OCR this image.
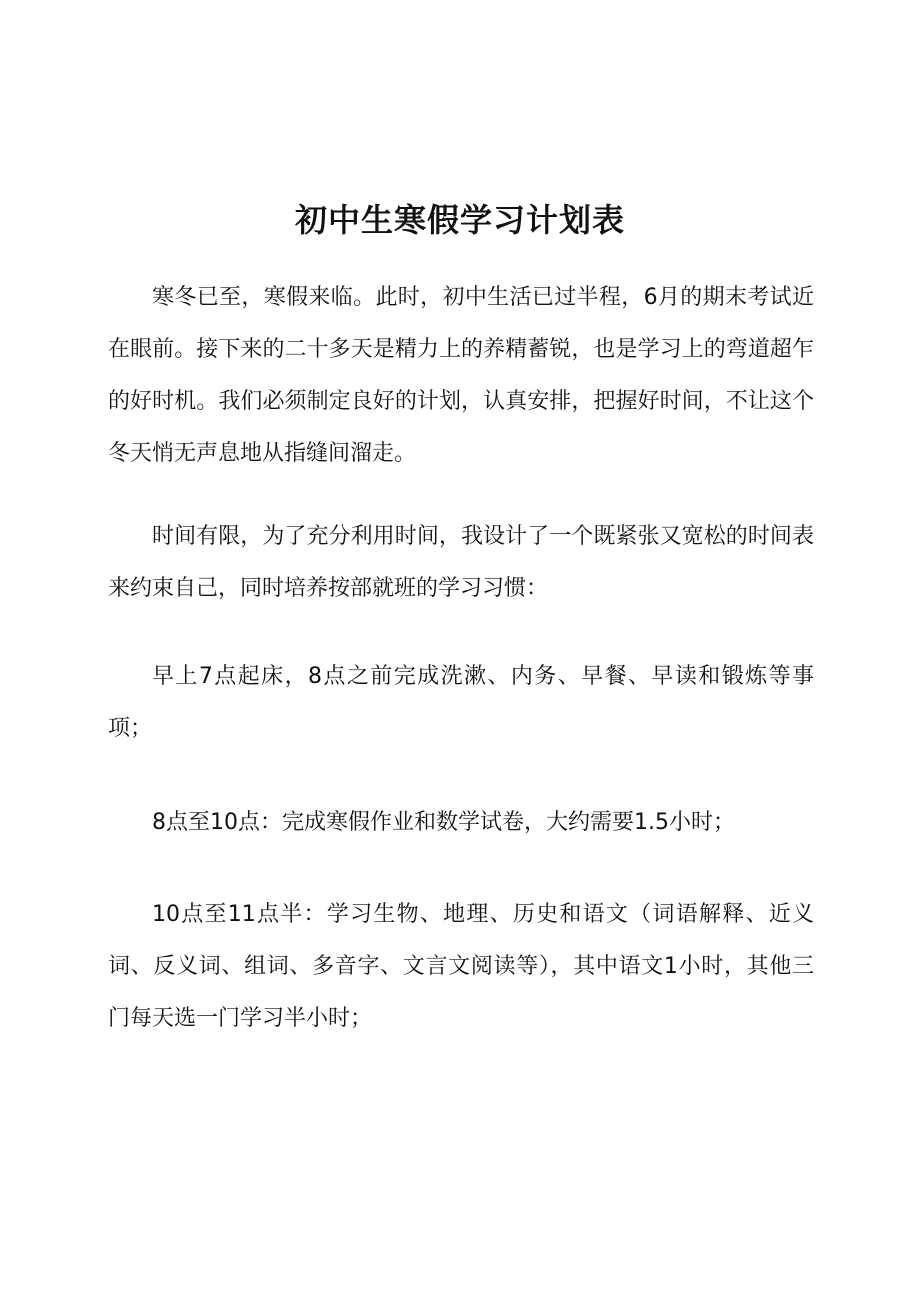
初中生寒假学习计划表

寒冬已至，寒假来临。此时，初中生活已过半程，6月的期末考试近在眼前。接下来的二十多天是精力上的养精蓄锐，也是学习上的弯道超乍的好时机。我们必须制定良好的计划，认真安排，把握好时间，不让这个冬天悄无声息地从指缝间溜走。

时间有限，为了充分利用时间，我设计了一个既紧张又宽松的时间表来约束自己，同时培养按部就班的学习习惯：

早上7点起床，8点之前完成洗漱、内务、早餐、早读和锻炼等事项；

8点至10点：完成寒假作业和数学试卷，大约需要1.5小时；

10点至11点半：学习生物、地理、历史和语文（词语解释、近义词、反义词、组词、多音字、文言文阅读等），其中语文1小时，其他三门每天选一门学习半小时；
